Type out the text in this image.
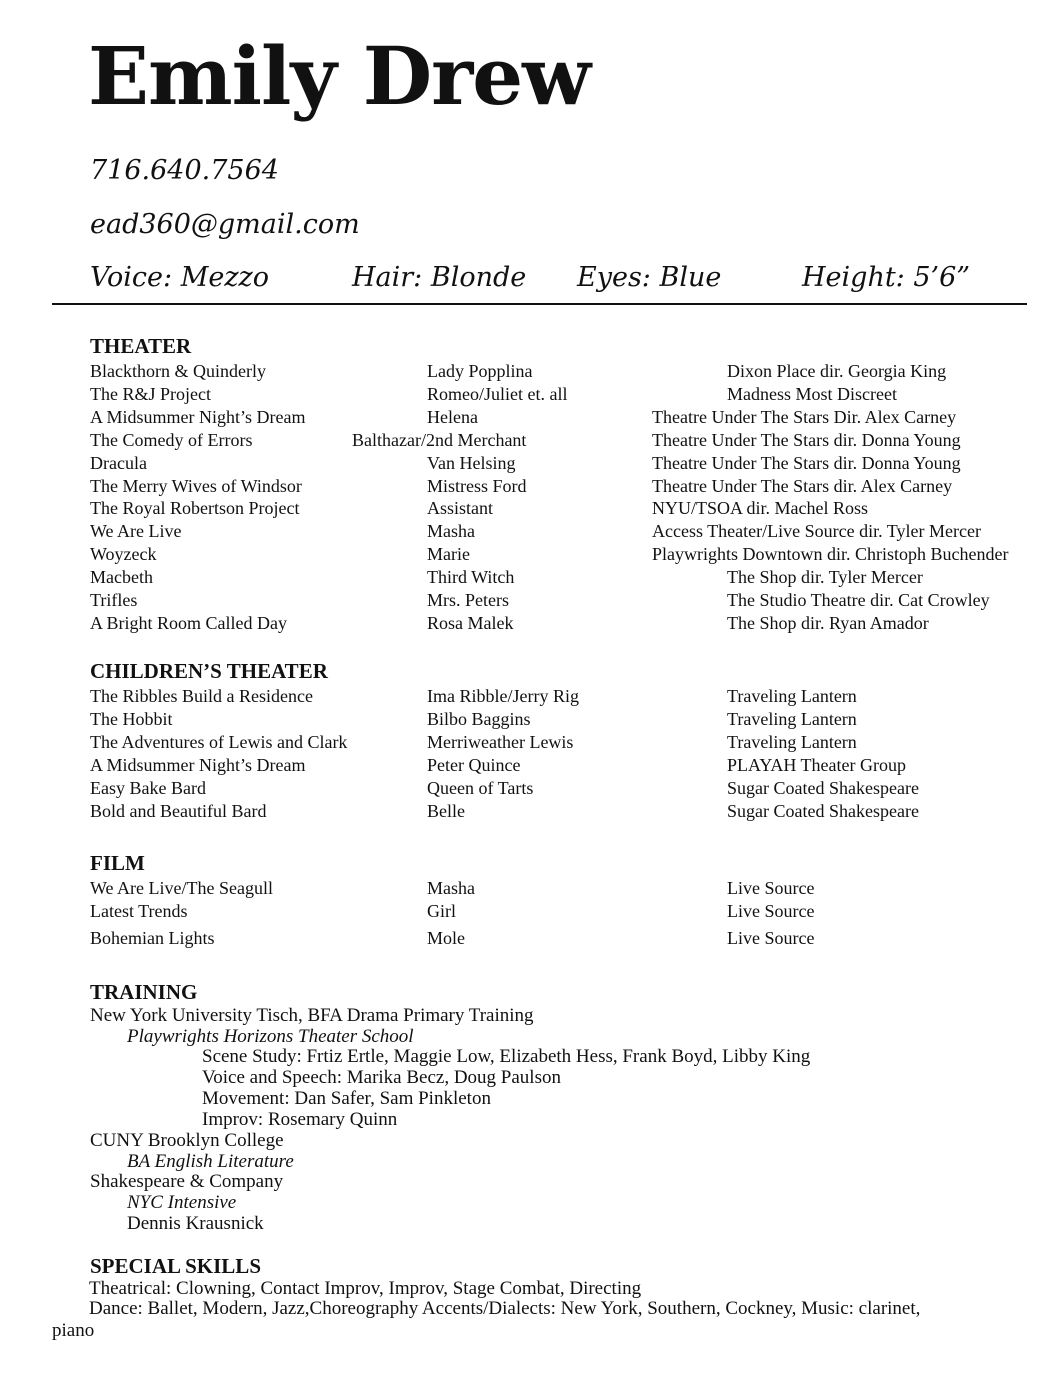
Emily Drew
716.640.7564
ead360@gmail.com
Voice: Mezzo	Hair: Blonde Eyes: Blue	Height: 5’6”
THEATER
Blackthorn & Quinderly	Lady Popplina	Dixon Place dir. Georgia King
The R&J Project	Romeo/Juliet et. all	Madness Most Discreet
A Midsummer Night’s Dream	Helena	Theatre Under The Stars Dir. Alex Carney
The Comedy of Errors	Balthazar/2nd Merchant	Theatre Under The Stars dir. Donna Young
Dracula	Van Helsing	Theatre Under The Stars dir. Donna Young
The Merry Wives of Windsor	Mistress Ford	Theatre Under The Stars dir. Alex Carney
The Royal Robertson Project	Assistant	NYU/TSOA dir. Machel Ross
We Are Live	Masha	Access Theater/Live Source dir. Tyler Mercer
Woyzeck	Marie	Playwrights Downtown dir. Christoph Buchender
Macbeth	Third Witch	The Shop dir. Tyler Mercer
Trifles	Mrs. Peters	The Studio Theatre dir. Cat Crowley
A Bright Room Called Day	Rosa Malek	The Shop dir. Ryan Amador
CHILDREN’S THEATER
The Ribbles Build a Residence	Ima Ribble/Jerry Rig	Traveling Lantern
The Hobbit	Bilbo Baggins	Traveling Lantern
The Adventures of Lewis and Clark	Merriweather Lewis	Traveling Lantern
A Midsummer Night’s Dream	Peter Quince	PLAYAH Theater Group
Easy Bake Bard	Queen of Tarts	Sugar Coated Shakespeare
Bold and Beautiful Bard	Belle	Sugar Coated Shakespeare
FILM
We Are Live/The Seagull	Masha	Live Source
Latest Trends	Girl	Live Source
Bohemian Lights	Mole	Live Source
TRAINING
New York University Tisch, BFA Drama Primary Training
Playwrights Horizons Theater School
Scene Study: Frtiz Ertle, Maggie Low, Elizabeth Hess, Frank Boyd, Libby King
Voice and Speech: Marika Becz, Doug Paulson
Movement: Dan Safer, Sam Pinkleton
Improv: Rosemary Quinn
CUNY Brooklyn College
BA English Literature
Shakespeare & Company
NYC Intensive
Dennis Krausnick
SPECIAL SKILLS
Theatrical: Clowning, Contact Improv, Improv, Stage Combat, Directing
Dance: Ballet, Modern, Jazz,Choreography Accents/Dialects: New York, Southern, Cockney, Music: clarinet,
piano
